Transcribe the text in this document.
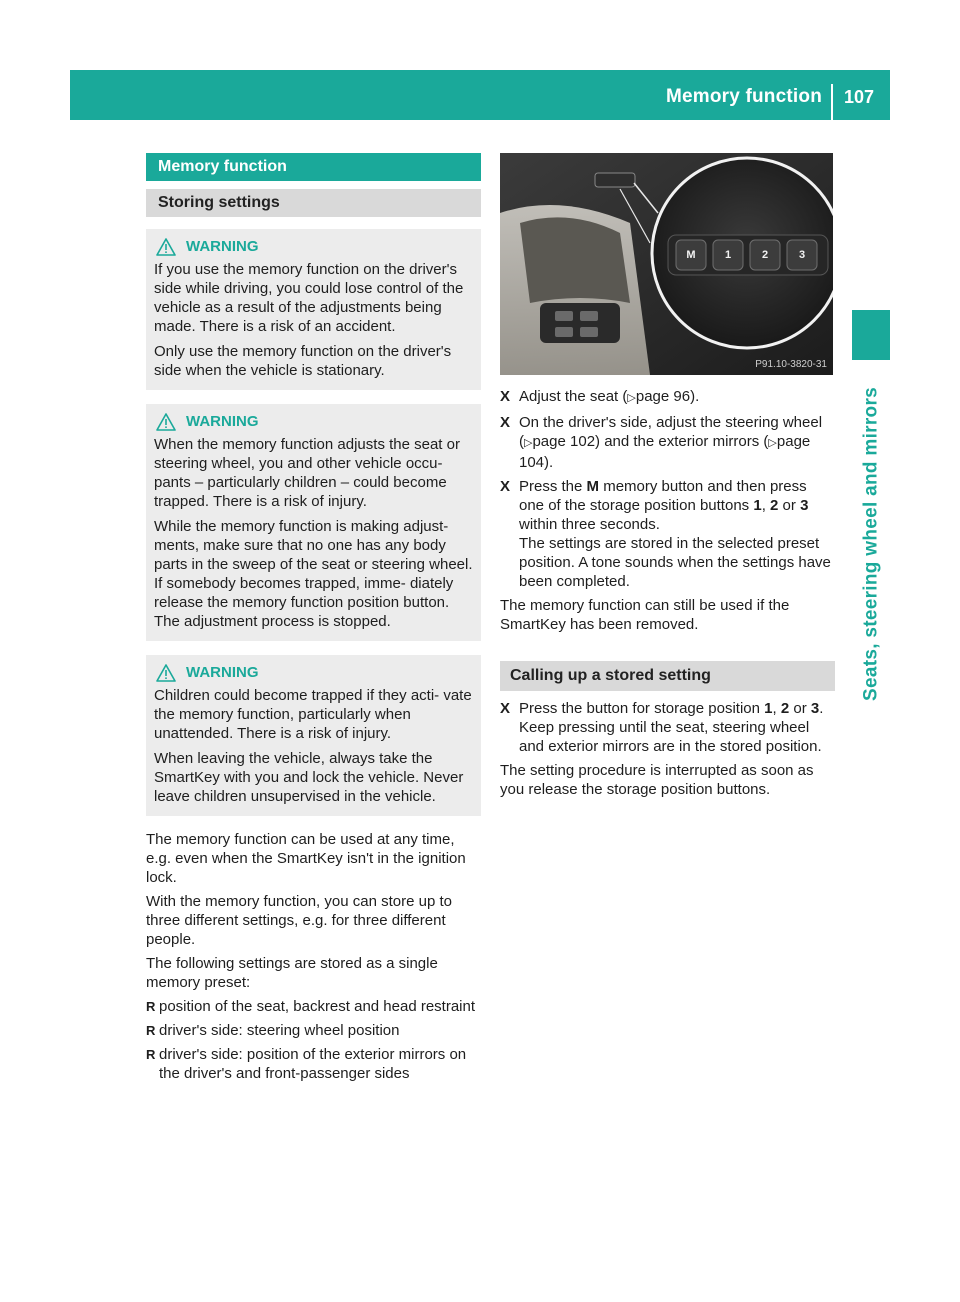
Memory function 107
Seats, steering wheel and mirrors
Memory function
Storing settings
WARNING

If you use the memory function on the driver's side while driving, you could lose control of the vehicle as a result of the adjustments being made. There is a risk of an accident.

Only use the memory function on the driver's side when the vehicle is stationary.

WARNING

When the memory function adjusts the seat or steering wheel, you and other vehicle occu- pants – particularly children – could become trapped. There is a risk of injury.

While the memory function is making adjust- ments, make sure that no one has any body parts in the sweep of the seat or steering wheel. If somebody becomes trapped, imme- diately release the memory function position button. The adjustment process is stopped.

WARNING

Children could become trapped if they acti- vate the memory function, particularly when unattended. There is a risk of injury.

When leaving the vehicle, always take the SmartKey with you and lock the vehicle. Never leave children unsupervised in the vehicle.

The memory function can be used at any time, e.g. even when the SmartKey isn't in the ignition lock.

With the memory function, you can store up to three different settings, e.g. for three different people.

The following settings are stored as a single memory preset:

R position of the seat, backrest and head restraint
R driver's side: steering wheel position
R driver's side: position of the exterior mirrors on the driver's and front-passenger sides
M	1	2	3
P91.10-3820-31
X Adjust the seat (▷page 96).
X On the driver's side, adjust the steering wheel (▷page 102) and the exterior mirrors (▷page 104).
X Press the M memory button and then press one of the storage position buttons 1, 2 or 3 within three seconds.
The settings are stored in the selected preset position. A tone sounds when the settings have been completed.

The memory function can still be used if the SmartKey has been removed.

Calling up a stored setting
X Press the button for storage position 1, 2 or 3. Keep pressing until the seat, steering wheel and exterior mirrors are in the stored position.

The setting procedure is interrupted as soon as you release the storage position buttons.
